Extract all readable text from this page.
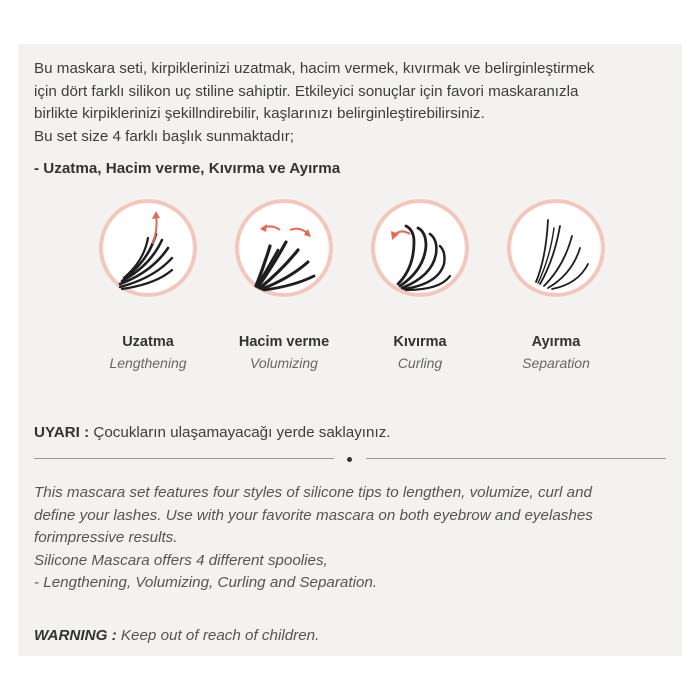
Bu maskara seti, kirpiklerinizi uzatmak, hacim vermek, kıvırmak ve belirginleştirmek
için dört farklı silikon uç stiline sahiptir. Etkileyici sonuçlar için favori maskaranızla
birlikte kirpiklerinizi şekillndirebilir, kaşlarınızı belirginleştirebilirsiniz.
Bu set size 4 farklı başlık sunmaktadır;

- Uzatma, Hacim verme, Kıvırma ve Ayırma
Uzatma
Lengthening
Hacim verme
Volumizing
Kıvırma
Curling
Ayırma
Separation
UYARI : Çocukların ulaşamayacağı yerde saklayınız.

This mascara set features four styles of silicone tips to lengthen, volumize, curl and
define your lashes. Use with your favorite mascara on both eyebrow and eyelashes
forimpressive results.
Silicone Mascara offers 4 different spoolies,
- Lengthening, Volumizing, Curling and Separation.

WARNING : Keep out of reach of children.
